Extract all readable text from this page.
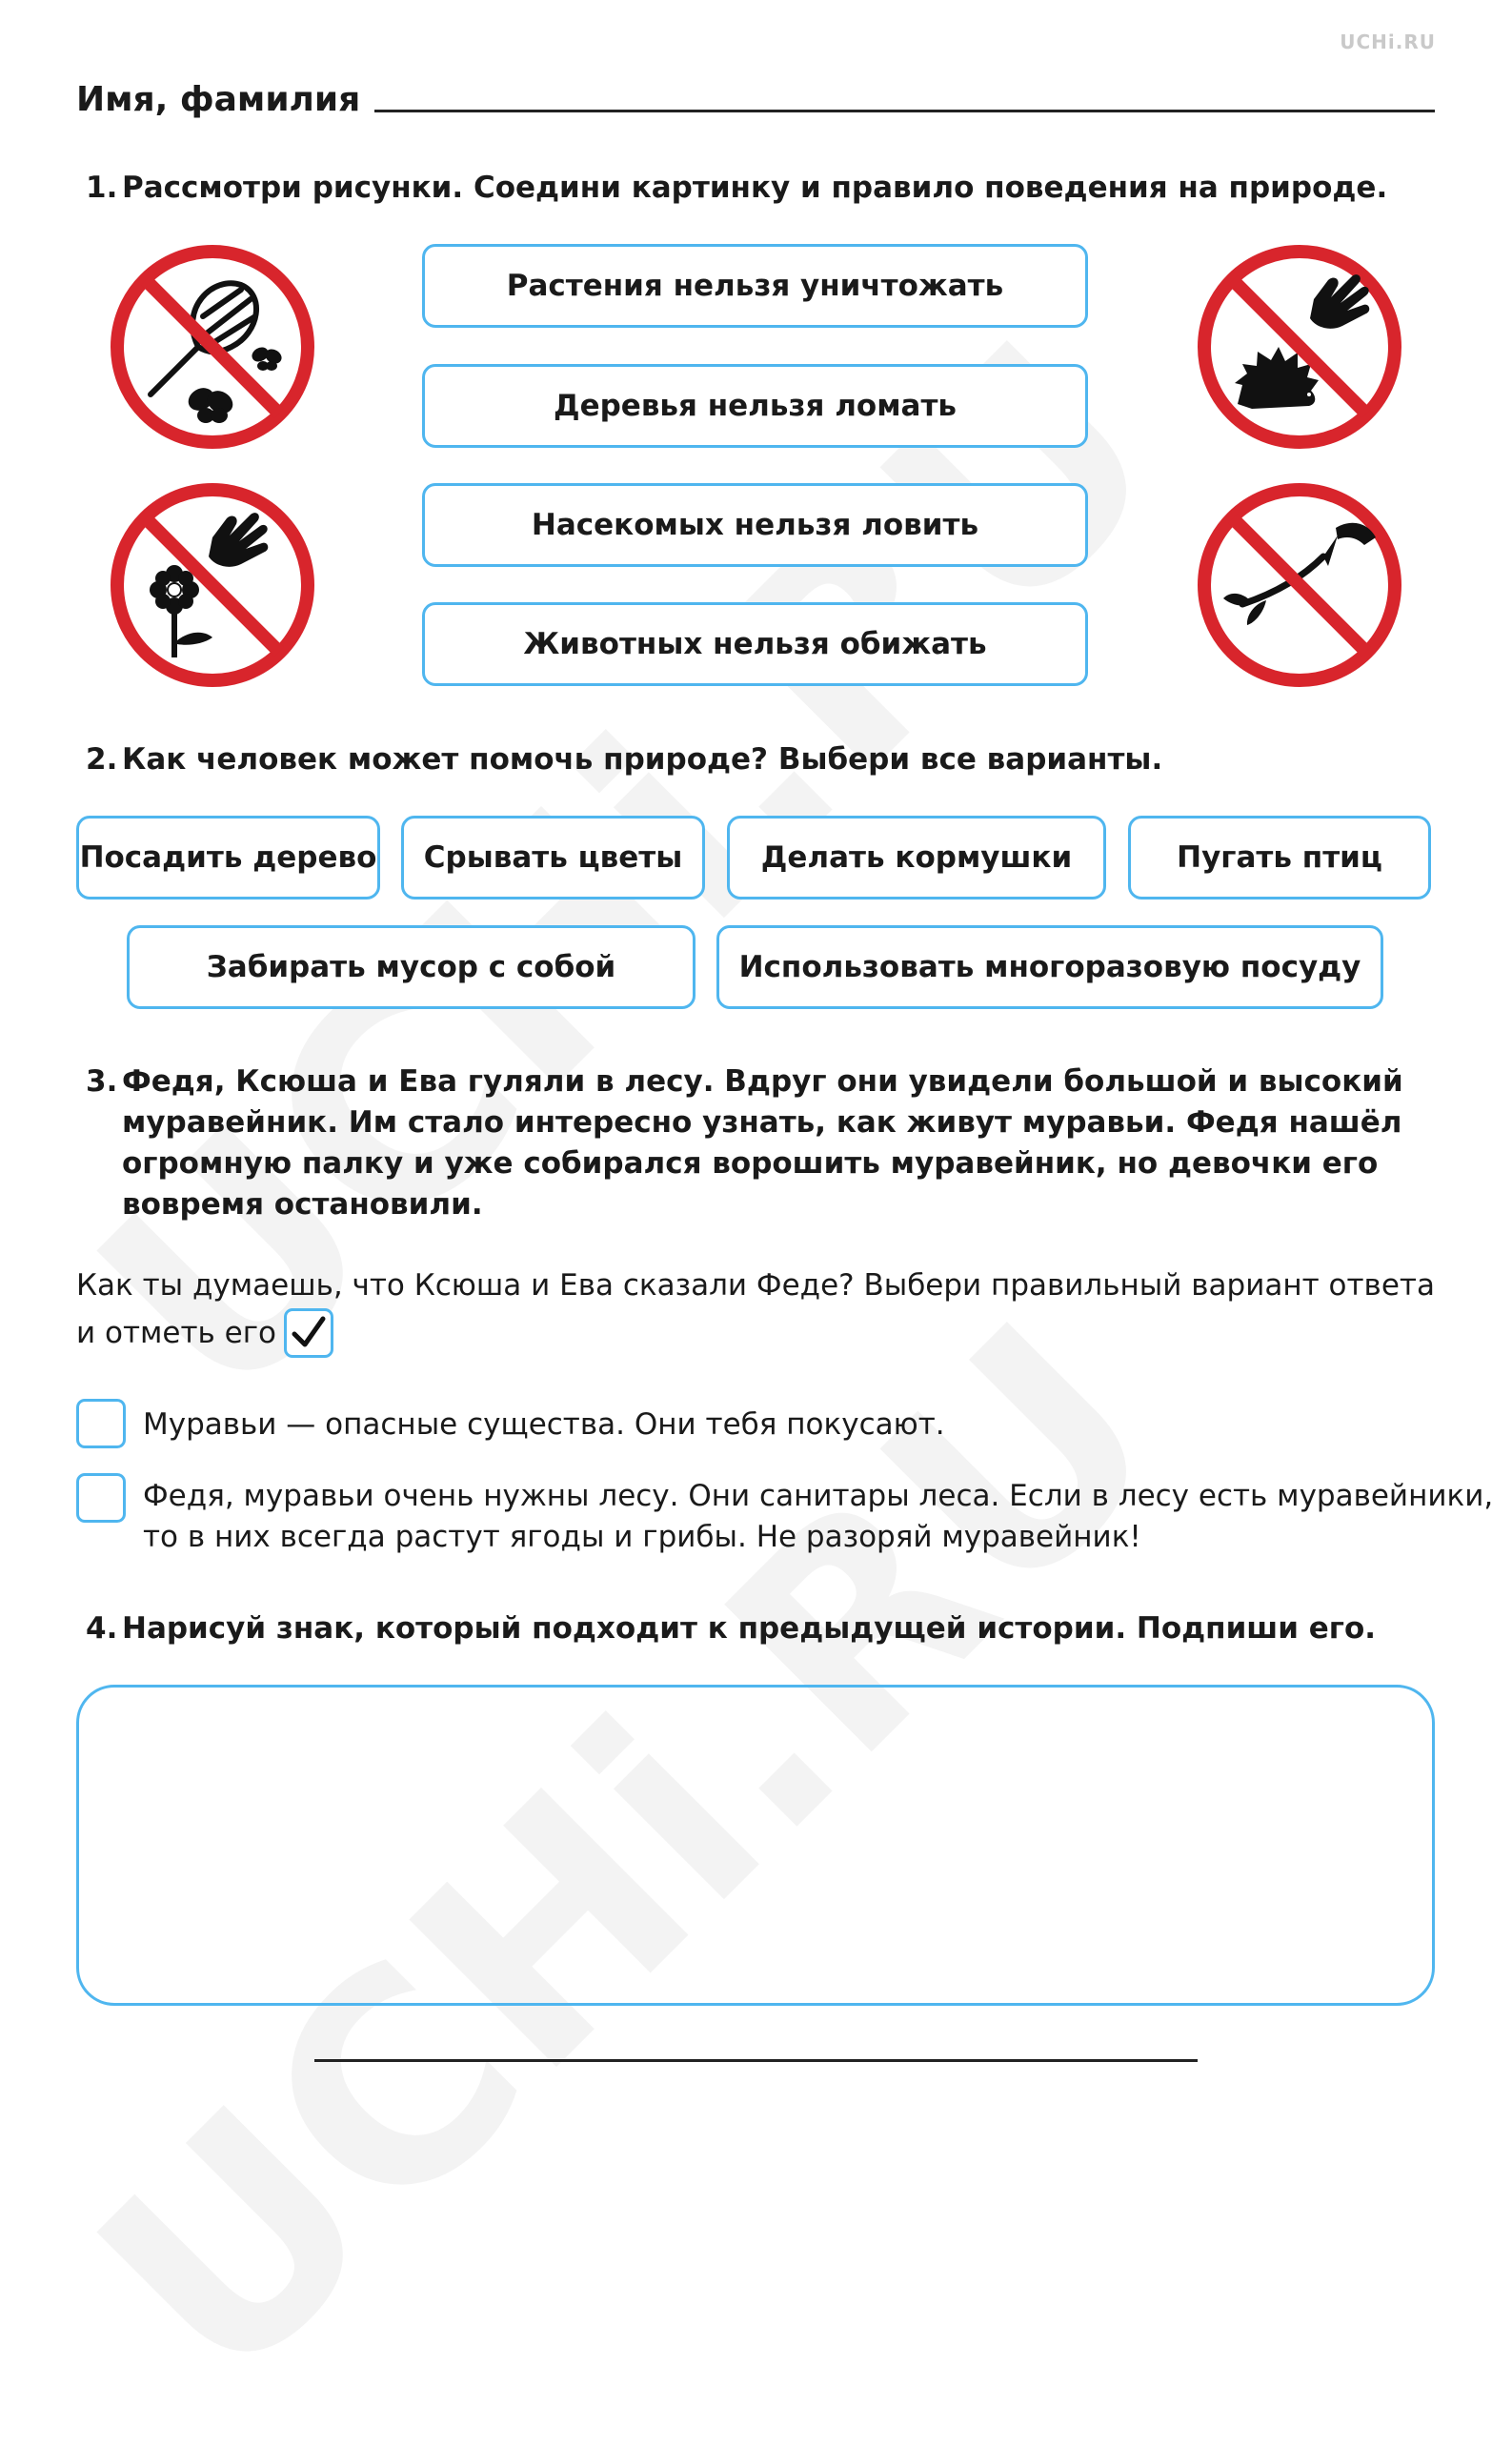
UCHi.RU
Имя, фамилия
1. Рассмотри рисунки. Соедини картинку и правило поведения на природе.
Растения нельзя уничтожать
Деревья нельзя ломать
Насекомых нельзя ловить
Животных нельзя обижать
2. Как человек может помочь природе? Выбери все варианты.
Посадить дерево	Срывать цветы	Делать кормушки	Пугать птиц
Забирать мусор с собой	Использовать многоразовую посуду
3. Федя, Ксюша и Ева гуляли в лесу. Вдруг они увидели большой и высокий
муравейник. Им стало интересно узнать, как живут муравьи. Федя нашёл
огромную палку и уже собирался ворошить муравейник, но девочки его
вовремя остановили.
Как ты думаешь, что Ксюша и Ева сказали Феде? Выбери правильный вариант ответа
и отметь его
Муравьи — опасные существа. Они тебя покусают.
Федя, муравьи очень нужны лесу. Они санитары леса. Если в лесу есть муравейники,
то в них всегда растут ягоды и грибы. Не разоряй муравейник!
4. Нарисуй знак, который подходит к предыдущей истории. Подпиши его.
